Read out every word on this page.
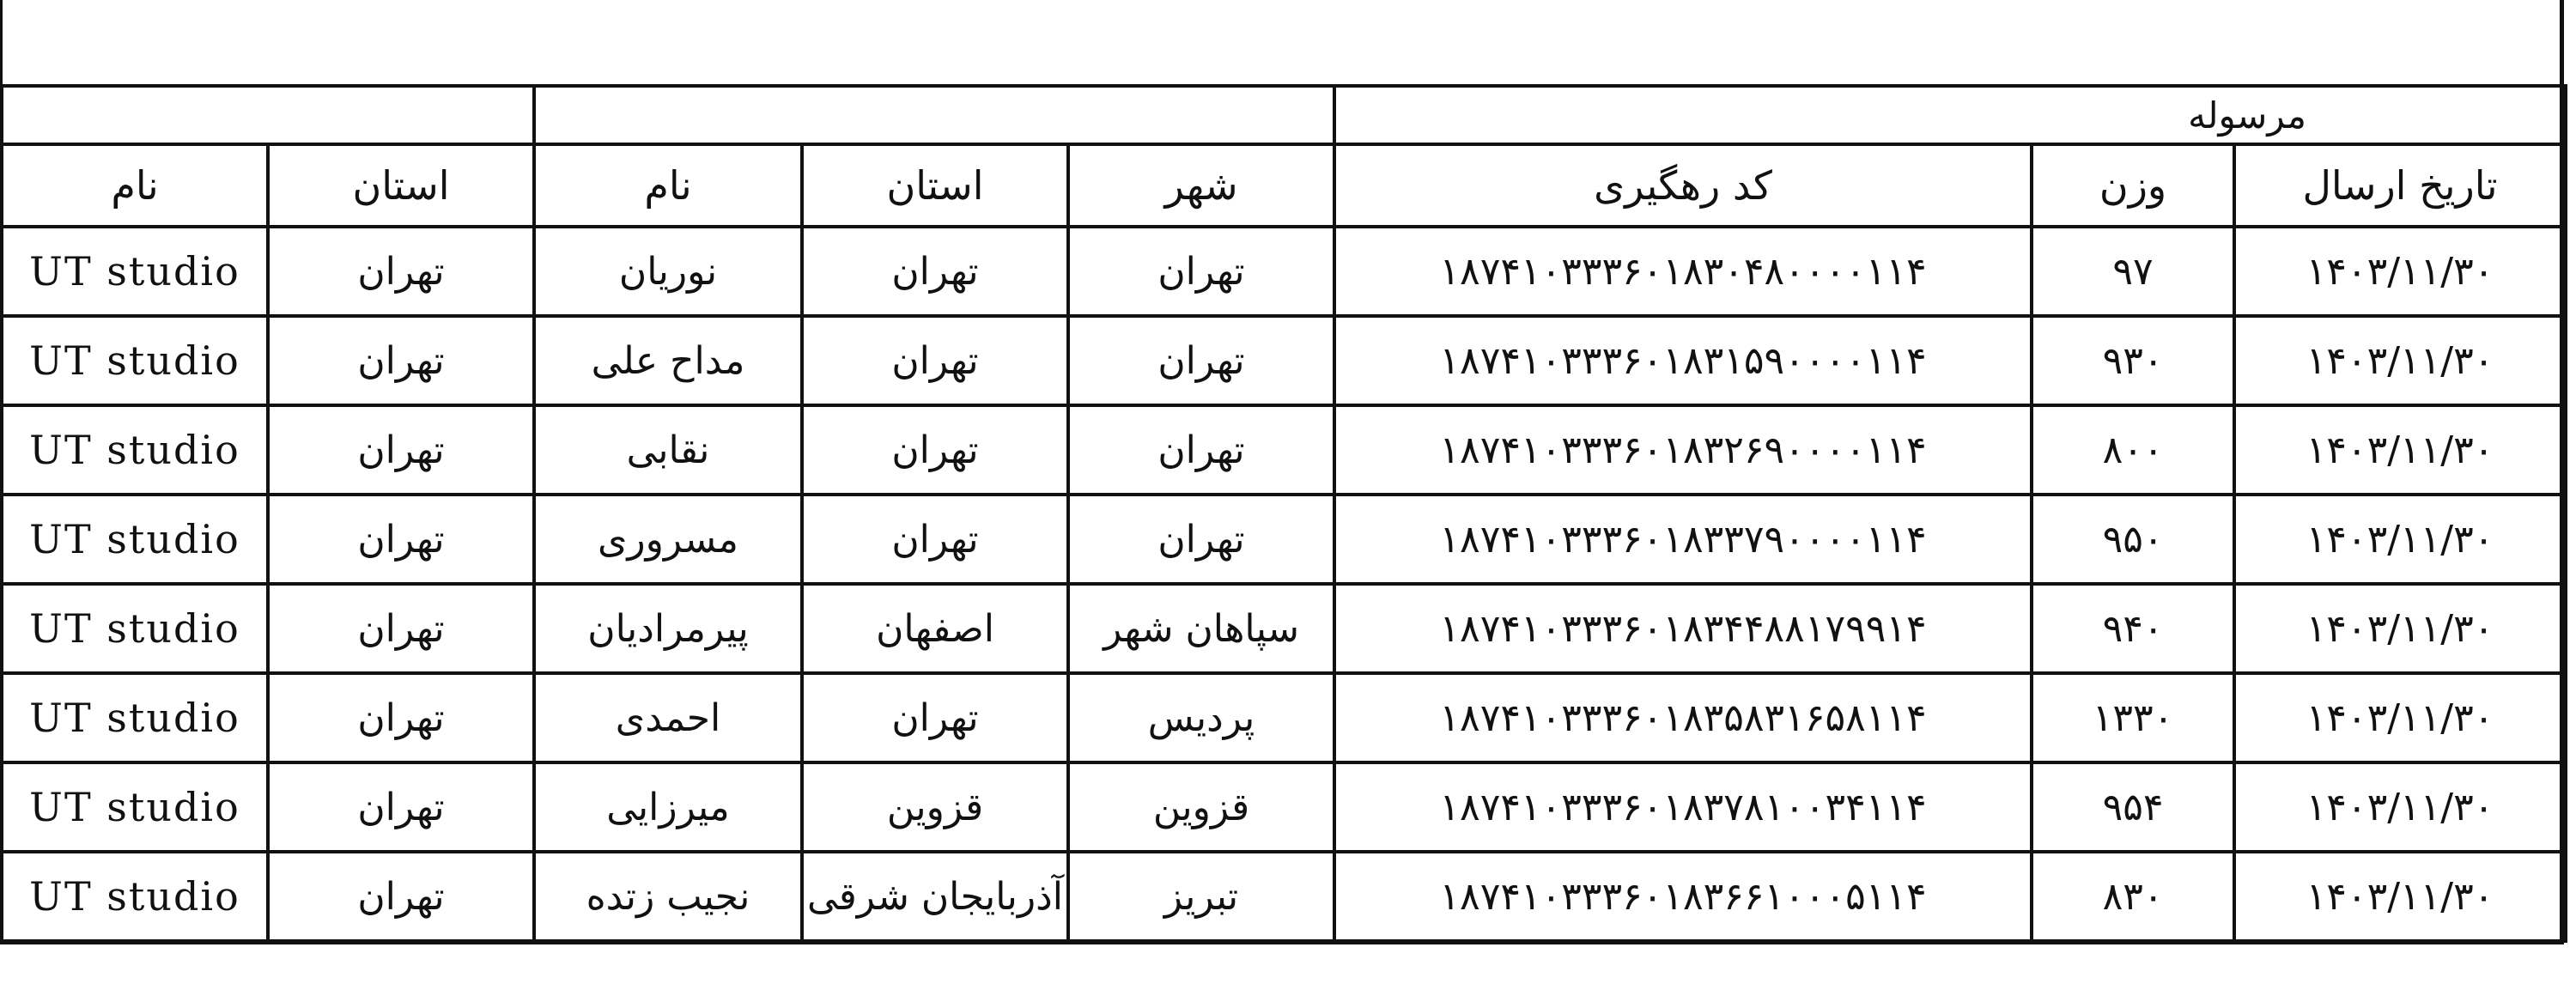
					مرسوله		
نام	استان	نام	استان	شهر	کد رهگیری	وزن	تاریخ ارسال
UT studio	تهران	نوریان	تهران	تهران	۱۸۷۴۱۰۳۳۳۶۰۱۸۳۰۴۸۰۰۰۰۱۱۴	۹۷	۱۴۰۳/۱۱/۳۰
UT studio	تهران	مداح علی	تهران	تهران	۱۸۷۴۱۰۳۳۳۶۰۱۸۳۱۵۹۰۰۰۰۱۱۴	۹۳۰	۱۴۰۳/۱۱/۳۰
UT studio	تهران	نقابی	تهران	تهران	۱۸۷۴۱۰۳۳۳۶۰۱۸۳۲۶۹۰۰۰۰۱۱۴	۸۰۰	۱۴۰۳/۱۱/۳۰
UT studio	تهران	مسروری	تهران	تهران	۱۸۷۴۱۰۳۳۳۶۰۱۸۳۳۷۹۰۰۰۰۱۱۴	۹۵۰	۱۴۰۳/۱۱/۳۰
UT studio	تهران	پیرمرادیان	اصفهان	سپاهان شهر	۱۸۷۴۱۰۳۳۳۶۰۱۸۳۴۴۸۸۱۷۹۹۱۴	۹۴۰	۱۴۰۳/۱۱/۳۰
UT studio	تهران	احمدی	تهران	پردیس	۱۸۷۴۱۰۳۳۳۶۰۱۸۳۵۸۳۱۶۵۸۱۱۴	۱۳۳۰	۱۴۰۳/۱۱/۳۰
UT studio	تهران	میرزایی	قزوین	قزوین	۱۸۷۴۱۰۳۳۳۶۰۱۸۳۷۸۱۰۰۳۴۱۱۴	۹۵۴	۱۴۰۳/۱۱/۳۰
UT studio	تهران	نجیب زتده	آذربایجان شرقی	تبریز	۱۸۷۴۱۰۳۳۳۶۰۱۸۳۶۶۱۰۰۰۵۱۱۴	۸۳۰	۱۴۰۳/۱۱/۳۰
